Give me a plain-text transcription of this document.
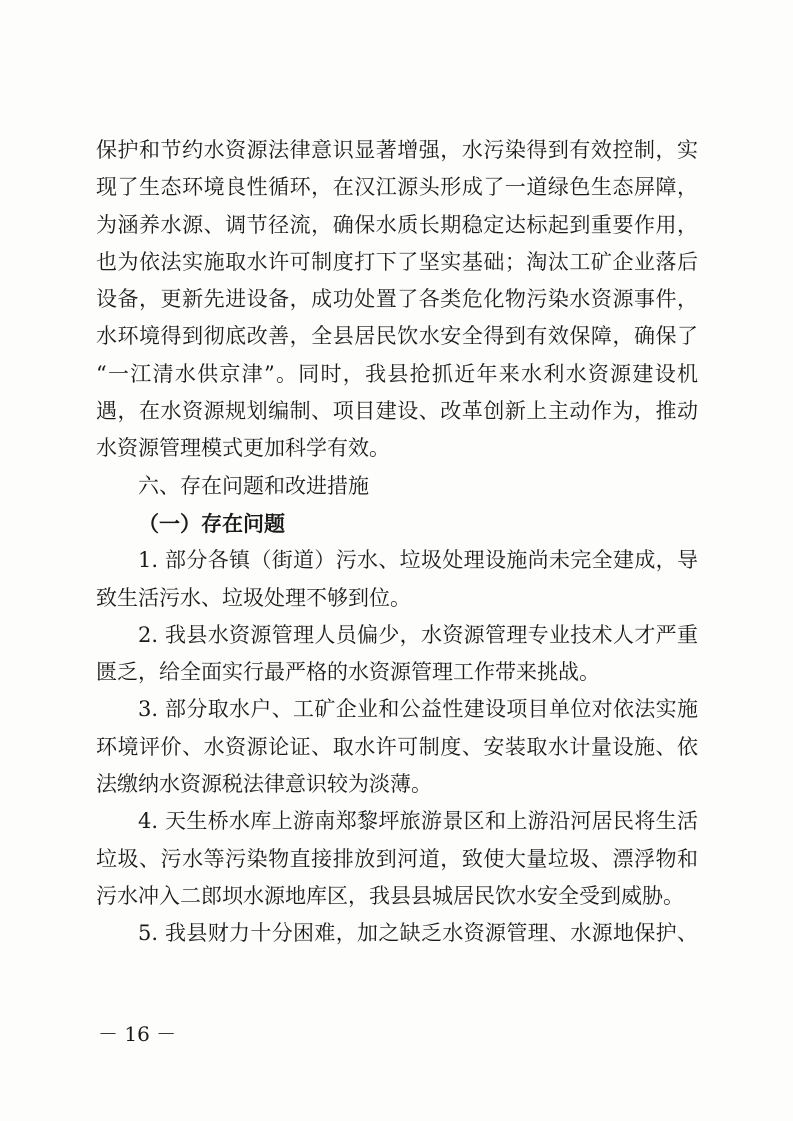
保护和节约水资源法律意识显著增强，水污染得到有效控制，实
现了生态环境良性循环，在汉江源头形成了一道绿色生态屏障，
为涵养水源、调节径流，确保水质长期稳定达标起到重要作用，
也为依法实施取水许可制度打下了坚实基础；淘汰工矿企业落后
设备，更新先进设备，成功处置了各类危化物污染水资源事件，
水环境得到彻底改善，全县居民饮水安全得到有效保障，确保了
“一江清水供京津”。同时，我县抢抓近年来水利水资源建设机
遇，在水资源规划编制、项目建设、改革创新上主动作为，推动
水资源管理模式更加科学有效。
六、存在问题和改进措施
（一）存在问题
1. 部分各镇（街道）污水、垃圾处理设施尚未完全建成，导
致生活污水、垃圾处理不够到位。
2. 我县水资源管理人员偏少，水资源管理专业技术人才严重
匮乏，给全面实行最严格的水资源管理工作带来挑战。
3. 部分取水户、工矿企业和公益性建设项目单位对依法实施
环境评价、水资源论证、取水许可制度、安装取水计量设施、依
法缴纳水资源税法律意识较为淡薄。
4. 天生桥水库上游南郑黎坪旅游景区和上游沿河居民将生活
垃圾、污水等污染物直接排放到河道，致使大量垃圾、漂浮物和
污水冲入二郎坝水源地库区，我县县城居民饮水安全受到威胁。
5. 我县财力十分困难，加之缺乏水资源管理、水源地保护、
－ 16 －
